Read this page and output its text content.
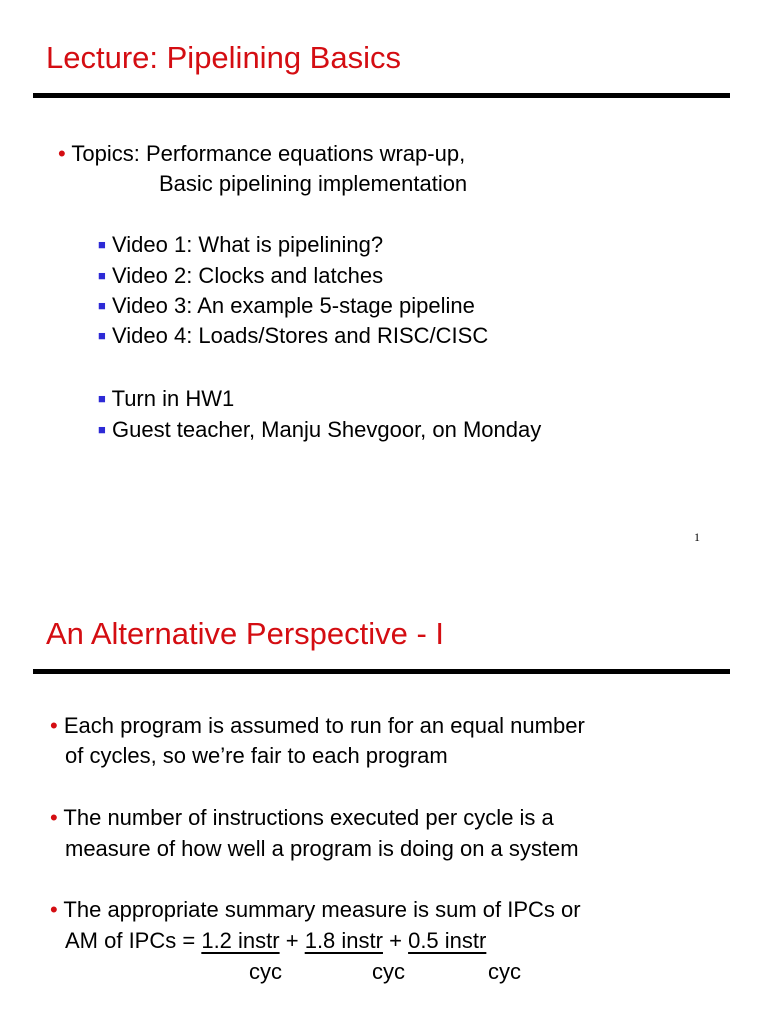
Lecture: Pipelining Basics
• Topics: Performance equations wrap-up,
Basic pipelining implementation
■ Video 1: What is pipelining?
■ Video 2: Clocks and latches
■ Video 3: An example 5-stage pipeline
■ Video 4: Loads/Stores and RISC/CISC
■ Turn in HW1
■ Guest teacher, Manju Shevgoor, on Monday
1
An Alternative Perspective - I
• Each program is assumed to run for an equal number
of cycles, so we’re fair to each program
• The number of instructions executed per cycle is a
measure of how well a program is doing on a system
• The appropriate summary measure is sum of IPCs or
AM of IPCs = 1.2 instr + 1.8 instr + 0.5 instr
cyc	cyc	cyc
